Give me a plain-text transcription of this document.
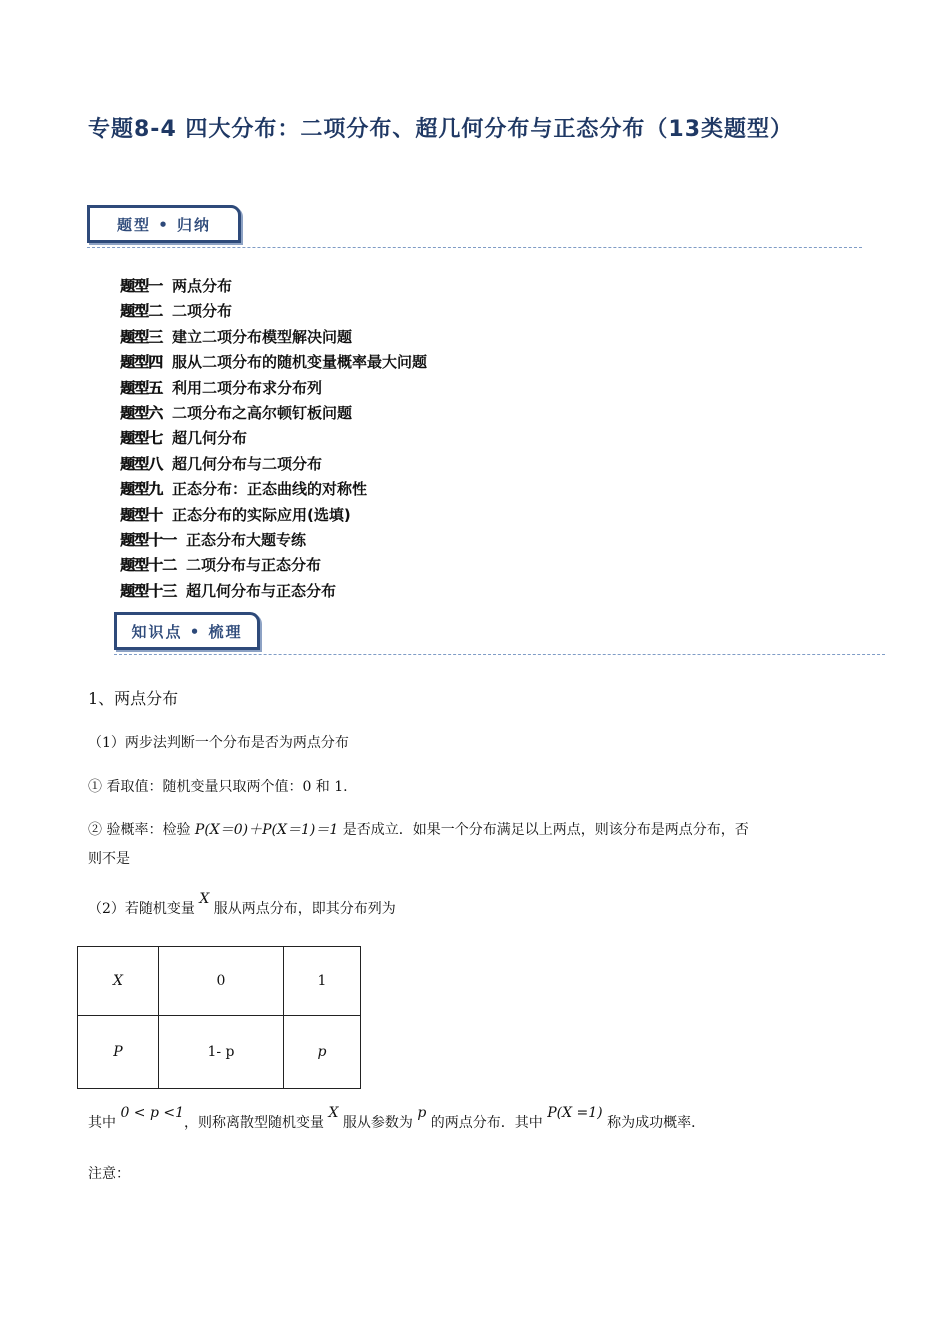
专题8-4 四大分布：二项分布、超几何分布与正态分布（13类题型）
题型 • 归纳
题型一 两点分布
题型二 二项分布
题型三 建立二项分布模型解决问题
题型四 服从二项分布的随机变量概率最大问题
题型五 利用二项分布求分布列
题型六 二项分布之高尔顿钉板问题
题型七 超几何分布
题型八 超几何分布与二项分布
题型九 正态分布：正态曲线的对称性
题型十 正态分布的实际应用(选填)
题型十一 正态分布大题专练
题型十二 二项分布与正态分布
题型十三 超几何分布与正态分布
知识点 • 梳理
1、两点分布
（1）两步法判断一个分布是否为两点分布
① 看取值：随机变量只取两个值：0 和 1.
② 验概率：检验 P(X＝0)＋P(X＝1)＝1 是否成立．如果一个分布满足以上两点，则该分布是两点分布，否
则不是
（2）若随机变量 X 服从两点分布，即其分布列为
X	0	1
P	1- p	p
其中 0 < p <1，则称离散型随机变量 X 服从参数为 p 的两点分布．其中 P(X =1) 称为成功概率．
注意：
